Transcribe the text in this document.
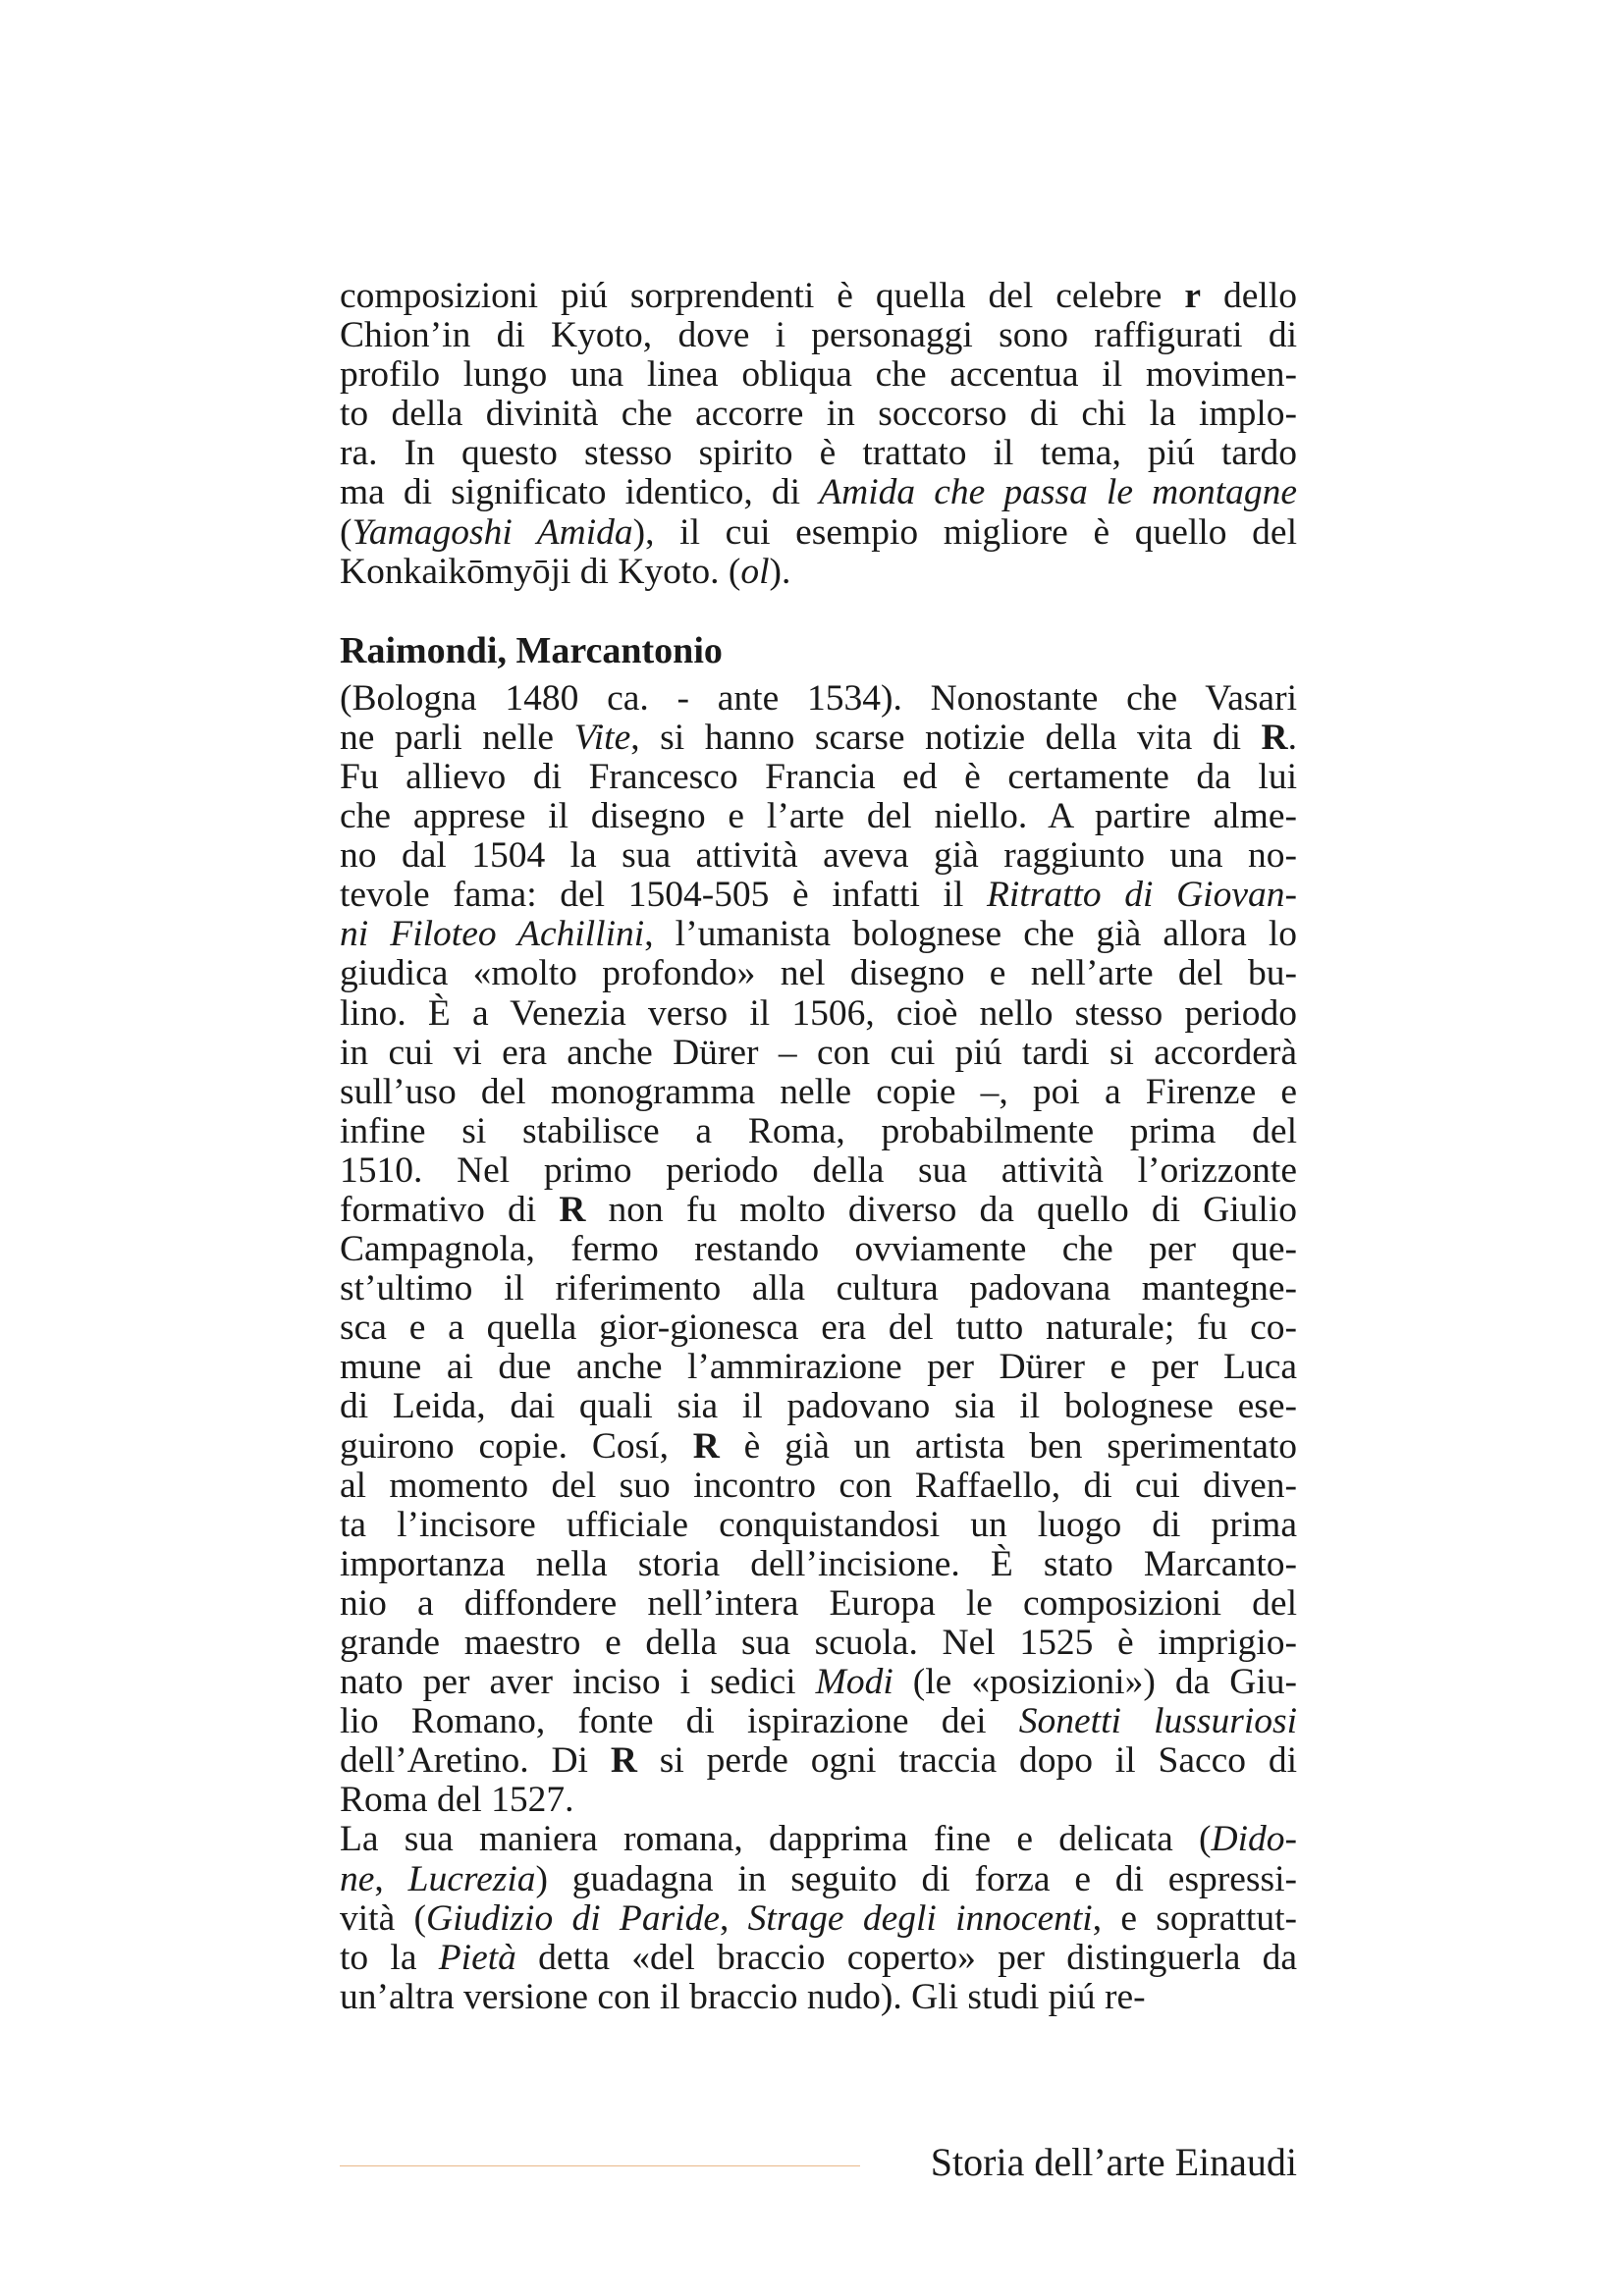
composizioni piú sorprendenti è quella del celebre r dello
Chion’in di Kyoto, dove i personaggi sono raffigurati di
profilo lungo una linea obliqua che accentua il movimen-
to della divinità che accorre in soccorso di chi la implo-
ra. In questo stesso spirito è trattato il tema, piú tardo
ma di significato identico, di Amida che passa le montagne
(Yamagoshi Amida), il cui esempio migliore è quello del
Konkaikōmyōji di Kyoto. (ol).
Raimondi, Marcantonio
(Bologna 1480 ca. - ante 1534). Nonostante che Vasari
ne parli nelle Vite, si hanno scarse notizie della vita di R.
Fu allievo di Francesco Francia ed è certamente da lui
che apprese il disegno e l’arte del niello. A partire alme-
no dal 1504 la sua attività aveva già raggiunto una no-
tevole fama: del 1504-505 è infatti il Ritratto di Giovan-
ni Filoteo Achillini, l’umanista bolognese che già allora lo
giudica «molto profondo» nel disegno e nell’arte del bu-
lino. È a Venezia verso il 1506, cioè nello stesso periodo
in cui vi era anche Dürer – con cui piú tardi si accorderà
sull’uso del monogramma nelle copie –, poi a Firenze e
infine si stabilisce a Roma, probabilmente prima del
1510. Nel primo periodo della sua attività l’orizzonte
formativo di R non fu molto diverso da quello di Giulio
Campagnola, fermo restando ovviamente che per que-
st’ultimo il riferimento alla cultura padovana mantegne-
sca e a quella gior-gionesca era del tutto naturale; fu co-
mune ai due anche l’ammirazione per Dürer e per Luca
di Leida, dai quali sia il padovano sia il bolognese ese-
guirono copie. Cosí, R è già un artista ben sperimentato
al momento del suo incontro con Raffaello, di cui diven-
ta l’incisore ufficiale conquistandosi un luogo di prima
importanza nella storia dell’incisione. È stato Marcanto-
nio a diffondere nell’intera Europa le composizioni del
grande maestro e della sua scuola. Nel 1525 è imprigio-
nato per aver inciso i sedici Modi (le «posizioni») da Giu-
lio Romano, fonte di ispirazione dei Sonetti lussuriosi
dell’Aretino. Di R si perde ogni traccia dopo il Sacco di
Roma del 1527.
La sua maniera romana, dapprima fine e delicata (Dido-
ne, Lucrezia) guadagna in seguito di forza e di espressi-
vità (Giudizio di Paride, Strage degli innocenti, e soprattut-
to la Pietà detta «del braccio coperto» per distinguerla da
un’altra versione con il braccio nudo). Gli studi piú re-
Storia dell’arte Einaudi
